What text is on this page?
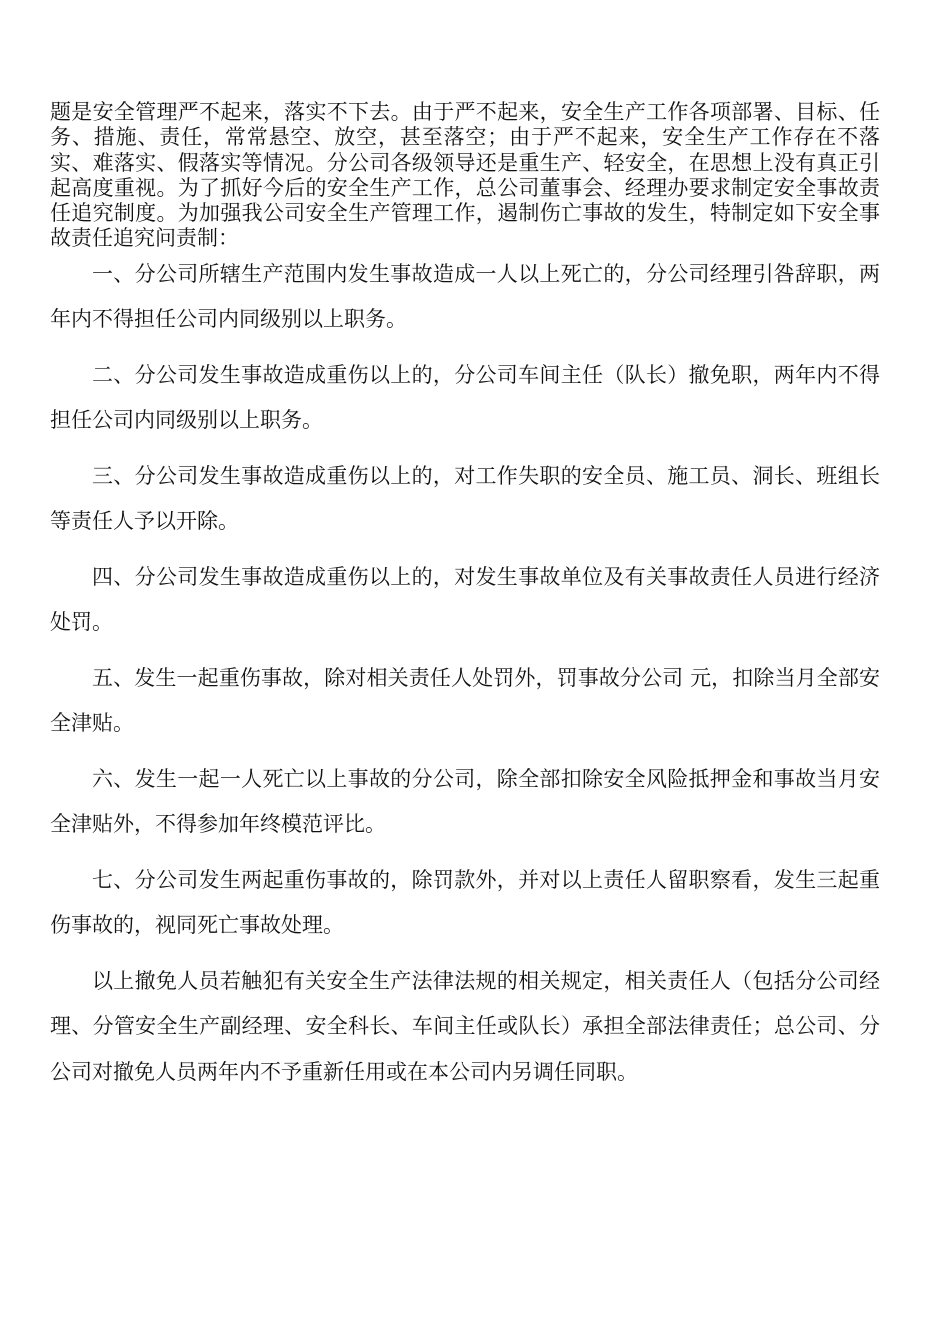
题是安全管理严不起来，落实不下去。由于严不起来，安全生产工作各项部署、目标、任务、措施、责任，常常悬空、放空，甚至落空；由于严不起来，安全生产工作存在不落实、难落实、假落实等情况。分公司各级领导还是重生产、轻安全，在思想上没有真正引起高度重视。为了抓好今后的安全生产工作，总公司董事会、经理办要求制定安全事故责任追究制度。为加强我公司安全生产管理工作，遏制伤亡事故的发生，特制定如下安全事故责任追究问责制：

一、分公司所辖生产范围内发生事故造成一人以上死亡的，分公司经理引咎辞职，两年内不得担任公司内同级别以上职务。

二、分公司发生事故造成重伤以上的，分公司车间主任（队长）撤免职，两年内不得担任公司内同级别以上职务。

三、分公司发生事故造成重伤以上的，对工作失职的安全员、施工员、洞长、班组长等责任人予以开除。

四、分公司发生事故造成重伤以上的，对发生事故单位及有关事故责任人员进行经济处罚。

五、发生一起重伤事故，除对相关责任人处罚外，罚事故分公司 元，扣除当月全部安全津贴。

六、发生一起一人死亡以上事故的分公司，除全部扣除安全风险抵押金和事故当月安全津贴外，不得参加年终模范评比。

七、分公司发生两起重伤事故的，除罚款外，并对以上责任人留职察看，发生三起重伤事故的，视同死亡事故处理。

以上撤免人员若触犯有关安全生产法律法规的相关规定，相关责任人（包括分公司经理、分管安全生产副经理、安全科长、车间主任或队长）承担全部法律责任；总公司、分公司对撤免人员两年内不予重新任用或在本公司内另调任同职。
